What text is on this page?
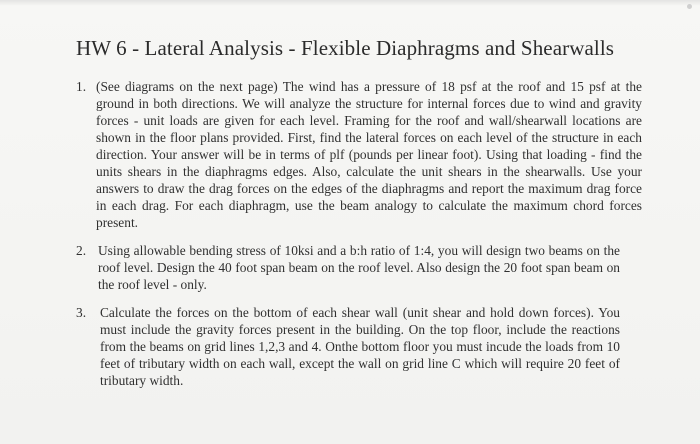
HW 6 - Lateral Analysis - Flexible Diaphragms and Shearwalls
1. (See diagrams on the next page) The wind has a pressure of 18 psf at the roof and 15 psf at the ground in both directions. We will analyze the structure for internal forces due to wind and gravity forces - unit loads are given for each level. Framing for the roof and wall/shearwall locations are shown in the floor plans provided. First, find the lateral forces on each level of the structure in each direction. Your answer will be in terms of plf (pounds per linear foot). Using that loading - find the units shears in the diaphragms edges. Also, calculate the unit shears in the shearwalls. Use your answers to draw the drag forces on the edges of the diaphragms and report the maximum drag force in each drag. For each diaphragm, use the beam analogy to calculate the maximum chord forces present.
2. Using allowable bending stress of 10ksi and a b:h ratio of 1:4, you will design two beams on the roof level. Design the 40 foot span beam on the roof level. Also design the 20 foot span beam on the roof level - only.
3. Calculate the forces on the bottom of each shear wall (unit shear and hold down forces). You must include the gravity forces present in the building. On the top floor, include the reactions from the beams on grid lines 1,2,3 and 4. Onthe bottom floor you must incude the loads from 10 feet of tributary width on each wall, except the wall on grid line C which will require 20 feet of tributary width.
